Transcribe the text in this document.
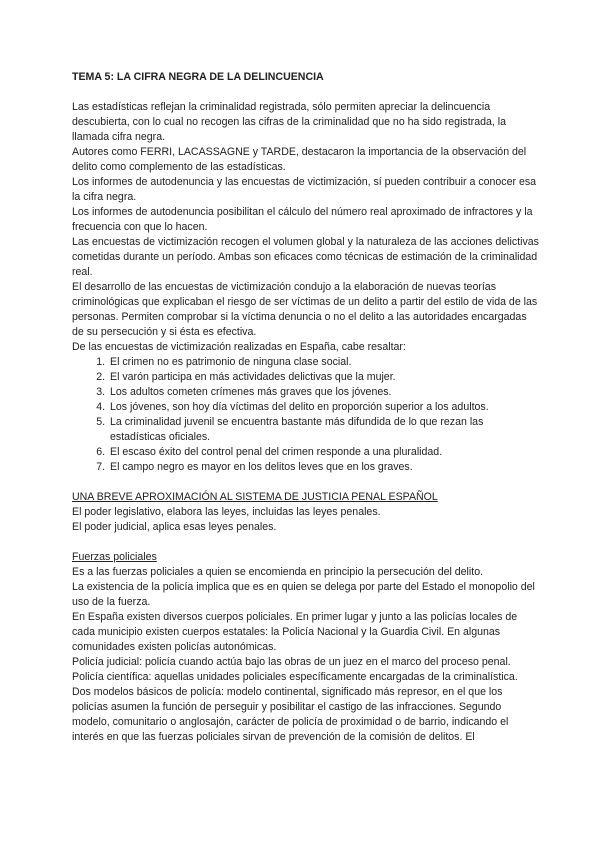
TEMA 5: LA CIFRA NEGRA DE LA DELINCUENCIA

Las estadísticas reflejan la criminalidad registrada, sólo permiten apreciar la delincuencia descubierta, con lo cual no recogen las cifras de la criminalidad que no ha sido registrada, la llamada cifra negra.

Autores como FERRI, LACASSAGNE y TARDE, destacaron la importancia de la observación del delito como complemento de las estadísticas.

Los informes de autodenuncia y las encuestas de victimización, sí pueden contribuir a conocer esa la cifra negra.

Los informes de autodenuncia posibilitan el cálculo del número real aproximado de infractores y la frecuencia con que lo hacen.

Las encuestas de victimización recogen el volumen global y la naturaleza de las acciones delictivas cometidas durante un período. Ambas son eficaces como técnicas de estimación de la criminalidad real.

El desarrollo de las encuestas de victimización condujo a la elaboración de nuevas teorías criminológicas que explicaban el riesgo de ser víctimas de un delito a partir del estilo de vida de las personas. Permiten comprobar si la víctima denuncia o no el delito a las autoridades encargadas de su persecución y si ésta es efectiva.

De las encuestas de victimización realizadas en España, cabe resaltar:

1. El crimen no es patrimonio de ninguna clase social.
2. El varón participa en más actividades delictivas que la mujer.
3. Los adultos cometen crímenes más graves que los jóvenes.
4. Los jóvenes, son hoy día víctimas del delito en proporción superior a los adultos.
5. La criminalidad juvenil se encuentra bastante más difundida de lo que rezan las estadísticas oficiales.
6. El escaso éxito del control penal del crimen responde a una pluralidad.
7. El campo negro es mayor en los delitos leves que en los graves.

UNA BREVE APROXIMACIÓN AL SISTEMA DE JUSTICIA PENAL ESPAÑOL

El poder legislativo, elabora las leyes, incluidas las leyes penales.

El poder judicial, aplica esas leyes penales.

Fuerzas policiales

Es a las fuerzas policiales a quien se encomienda en principio la persecución del delito.

La existencia de la policía implica que es en quien se delega por parte del Estado el monopolio del uso de la fuerza.

En España existen diversos cuerpos policiales. En primer lugar y junto a las policías locales de cada municipio existen cuerpos estatales: la Policía Nacional y la Guardia Civil. En algunas comunidades existen policías autonómicas.

Policía judicial: policía cuando actúa bajo las obras de un juez en el marco del proceso penal.

Policía científica: aquellas unidades policiales específicamente encargadas de la criminalística.

Dos modelos básicos de policía: modelo continental, significado más represor, en el que los policías asumen la función de perseguir y posibilitar el castigo de las infracciones. Segundo modelo, comunitario o anglosajón, carácter de policía de proximidad o de barrio, indicando el interés en que las fuerzas policiales sirvan de prevención de la comisión de delitos. El
